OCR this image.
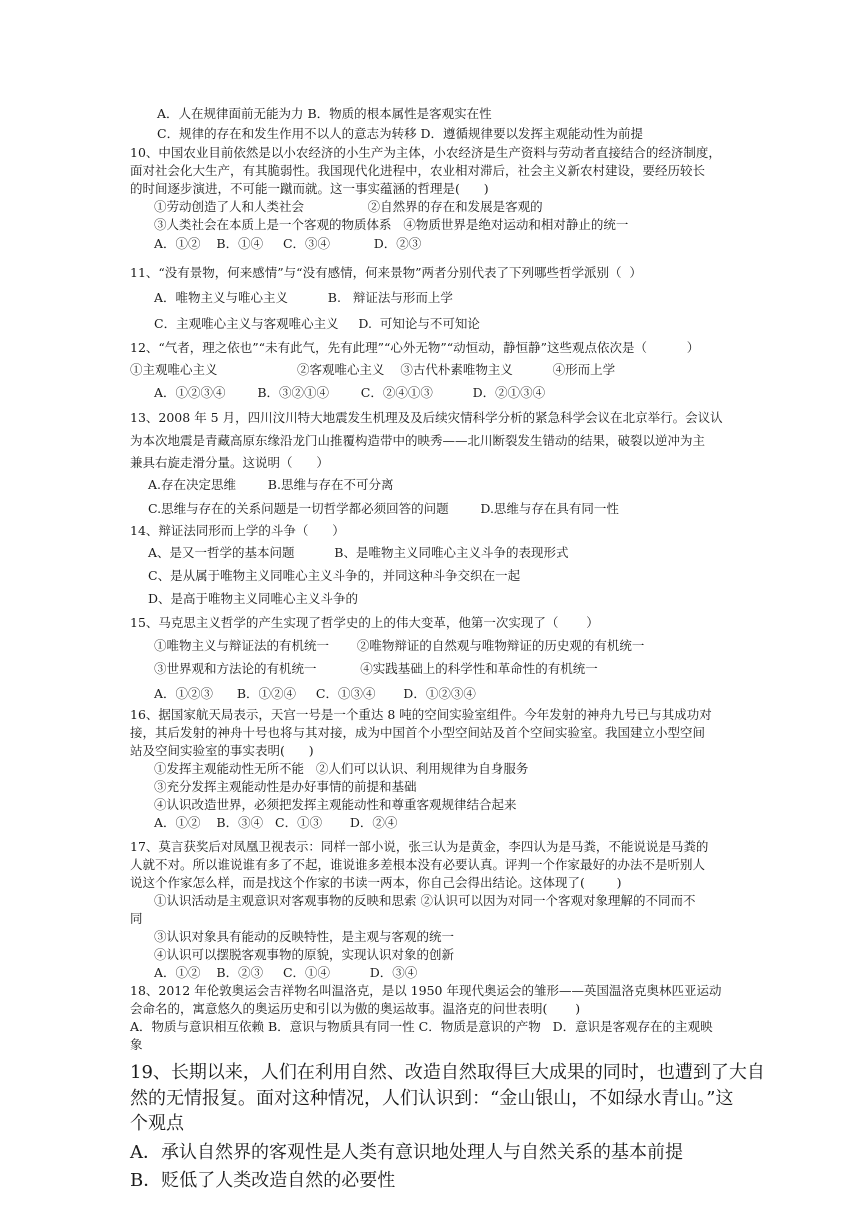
A．人在规律面前无能为力 B．物质的根本属性是客观实在性
C．规律的存在和发生作用不以人的意志为转移 D．遵循规律要以发挥主观能动性为前提
10、中国农业目前依然是以小农经济的小生产为主体，小农经济是生产资料与劳动者直接结合的经济制度，
面对社会化大生产，有其脆弱性。我国现代化进程中，农业相对滞后，社会主义新农村建设，要经历较长
的时间逐步演进，不可能一蹴而就。这一事实蕴涵的哲理是(      )
①劳动创造了人和人类社会                ②自然界的存在和发展是客观的
③人类社会在本质上是一个客观的物质体系   ④物质世界是绝对运动和相对静止的统一
A．①②    B．①④     C．③④           D．②③
11、“没有景物，何来感情”与“没有感情，何来景物”两者分别代表了下列哪些哲学派别（  ）
A．唯物主义与唯心主义          B.   辩证法与形而上学
C．主观唯心主义与客观唯心主义     D.  可知论与不可知论
12、“气者，理之依也”“未有此气，先有此理”“心外无物”“动恒动，静恒静”这些观点依次是（          ）
①主观唯心主义                    ②客观唯心主义    ③古代朴素唯物主义          ④形而上学
A．①②③④        B．③②①④        C．②④①③          D．②①③④
13、2008 年 5 月，四川汶川特大地震发生机理及及后续灾情科学分析的紧急科学会议在北京举行。会议认
为本次地震是青藏高原东缘沿龙门山推覆构造带中的映秀——北川断裂发生错动的结果，破裂以逆冲为主
兼具右旋走滑分量。这说明（      ）
A.存在决定思维        B.思维与存在不可分离
C.思维与存在的关系问题是一切哲学都必须回答的问题        D.思维与存在具有同一性
14、辩证法同形而上学的斗争（      ）
A、是又一哲学的基本问题          B、是唯物主义同唯心主义斗争的表现形式
C、是从属于唯物主义同唯心主义斗争的，并同这种斗争交织在一起
D、是高于唯物主义同唯心主义斗争的
15、马克思主义哲学的产生实现了哲学史的上的伟大变革，他第一次实现了（       ）
①唯物主义与辩证法的有机统一       ②唯物辩证的自然观与唯物辩证的历史观的有机统一
③世界观和方法论的有机统一           ④实践基础上的科学性和革命性的有机统一
A．①②③      B．①②④     C．①③④       D．①②③④
16、据国家航天局表示，天宫一号是一个重达 8 吨的空间实验室组件。今年发射的神舟九号已与其成功对
接，其后发射的神舟十号也将与其对接，成为中国首个小型空间站及首个空间实验室。我国建立小型空间
站及空间实验室的事实表明(      )
①发挥主观能动性无所不能   ②人们可以认识、利用规律为自身服务
③充分发挥主观能动性是办好事情的前提和基础
④认识改造世界，必须把发挥主观能动性和尊重客观规律结合起来
A．①②    B．③④   C．①③       D．②④
17、莫言获奖后对凤凰卫视表示：同样一部小说，张三认为是黄金，李四认为是马粪，不能说说是马粪的
人就不对。所以谁说谁有多了不起，谁说谁多差根本没有必要认真。评判一个作家最好的办法不是听别人
说这个作家怎么样，而是找这个作家的书读一两本，你自己会得出结论。这体现了(        )
①认识活动是主观意识对客观事物的反映和思索 ②认识可以因为对同一个客观对象理解的不同而不
同
③认识对象具有能动的反映特性，是主观与客观的统一
④认识可以摆脱客观事物的原貌，实现认识对象的创新
A．①②    B．②③     C．①④          D．③④
18、2012 年伦敦奥运会吉祥物名叫温洛克，是以 1950 年现代奥运会的雏形——英国温洛克奥林匹亚运动
会命名的，寓意悠久的奥运历史和引以为傲的奥运故事。温洛克的问世表明(       )
A．物质与意识相互依赖 B．意识与物质具有同一性 C．物质是意识的产物   D．意识是客观存在的主观映
象
19、长期以来，人们在利用自然、改造自然取得巨大成果的同时，也遭到了大自
然的无情报复。面对这种情况，人们认识到：“金山银山，不如绿水青山。”这
个观点
A．承认自然界的客观性是人类有意识地处理人与自然关系的基本前提
B．贬低了人类改造自然的必要性
